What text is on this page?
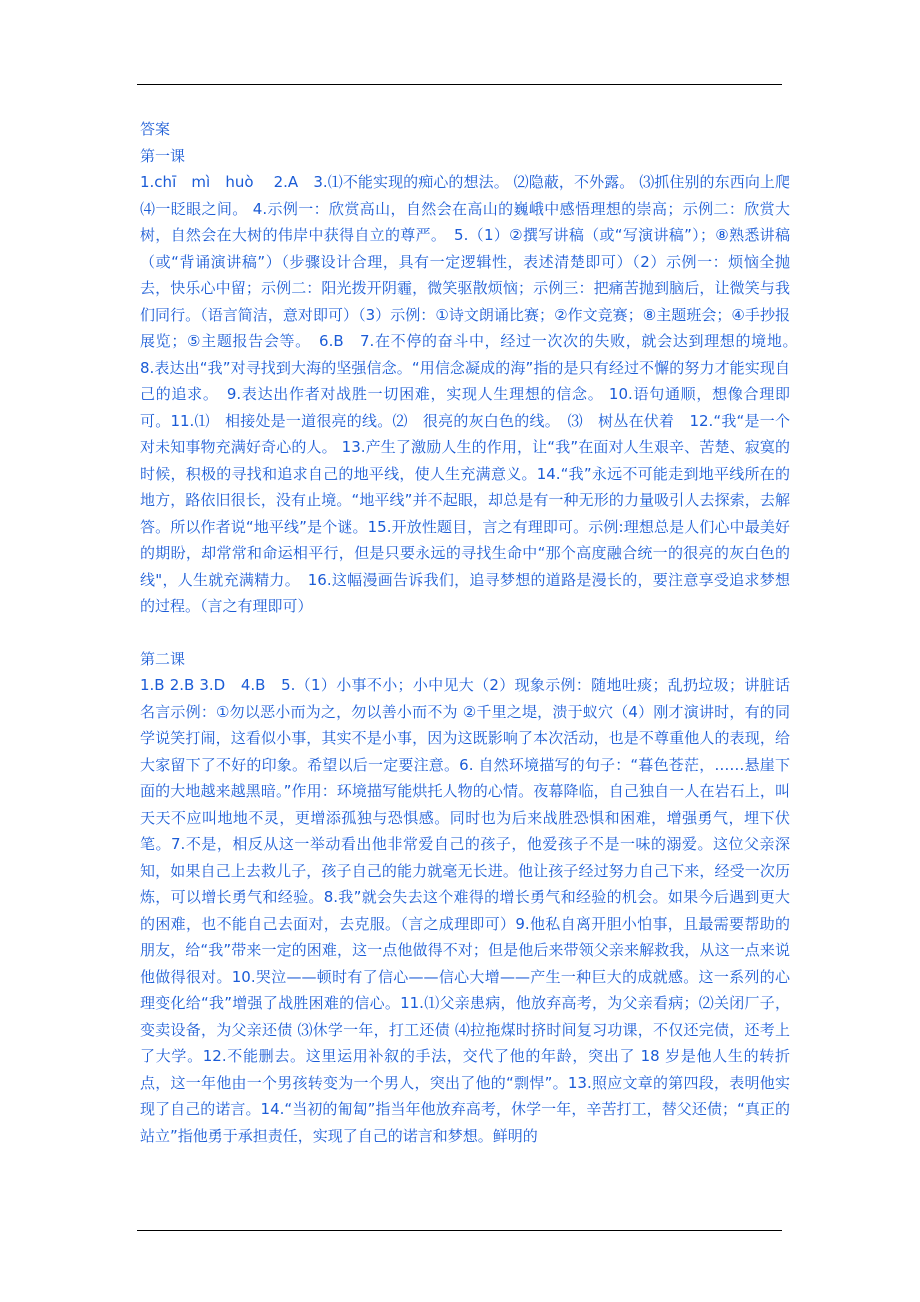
答案
第一课

1.chī　mì　huò　 2.A　3.⑴不能实现的痴心的想法。 ⑵隐蔽，不外露。 ⑶抓住别的东西向上爬 ⑷一眨眼之间。 4.示例一：欣赏高山，自然会在高山的巍峨中感悟理想的崇高；示例二：欣赏大树，自然会在大树的伟岸中获得自立的尊严。　5.（1）②撰写讲稿（或“写演讲稿”）；⑧熟悉讲稿（或“背诵演讲稿”）（步骤设计合理，具有一定逻辑性，表述清楚即可）（2）示例一：烦恼全抛去，快乐心中留；示例二：阳光拨开阴霾，微笑驱散烦恼；示例三：把痛苦抛到脑后，让微笑与我们同行。（语言简洁，意对即可）（3）示例：①诗文朗诵比赛；②作文竞赛；⑧主题班会；④手抄报展览；⑤主题报告会等。　6.B　7.在不停的奋斗中，经过一次次的失败，就会达到理想的境地。　8.表达出“我”对寻找到大海的坚强信念。“用信念凝成的海”指的是只有经过不懈的努力才能实现自己的追求。　9.表达出作者对战胜一切困难，实现人生理想的信念。 10.语句通顺，想像合理即可。11.⑴　相接处是一道很亮的线。⑵　很亮的灰白色的线。　⑶　树丛在伏着　12.“我“是一个对未知事物充满好奇心的人。 13.产生了激励人生的作用，让“我”在面对人生艰辛、苦楚、寂寞的时候，积极的寻找和追求自己的地平线，使人生充满意义。14.“我”永远不可能走到地平线所在的地方，路依旧很长，没有止境。“地平线”并不起眼，却总是有一种无形的力量吸引人去探索，去解答。所以作者说“地平线”是个谜。15.开放性题目，言之有理即可。示例:理想总是人们心中最美好的期盼，却常常和命运相平行，但是只要永远的寻找生命中“那个高度融合统一的很亮的灰白色的线"，人生就充满精力。　16.这幅漫画告诉我们，追寻梦想的道路是漫长的，要注意享受追求梦想的过程。（言之有理即可）

第二课

1.B 2.B 3.D　4.B　5.（1）小事不小；小中见大（2）现象示例：随地吐痰；乱扔垃圾；讲脏话　名言示例：①勿以恶小而为之，勿以善小而不为 ②千里之堤，溃于蚁穴（4）刚才演讲时，有的同学说笑打闹，这看似小事，其实不是小事，因为这既影响了本次活动，也是不尊重他人的表现，给大家留下了不好的印象。希望以后一定要注意。6. 自然环境描写的句子：“暮色苍茫，……悬崖下面的大地越来越黑暗。”作用：环境描写能烘托人物的心情。夜幕降临，自己独自一人在岩石上，叫天天不应叫地地不灵，更增添孤独与恐惧感。同时也为后来战胜恐惧和困难，增强勇气，埋下伏笔。7.不是，相反从这一举动看出他非常爱自己的孩子，他爱孩子不是一味的溺爱。这位父亲深知，如果自己上去救儿子，孩子自己的能力就毫无长进。他让孩子经过努力自己下来，经受一次历炼，可以增长勇气和经验。8.我”就会失去这个难得的增长勇气和经验的机会。如果今后遇到更大的困难，也不能自己去面对，去克服。（言之成理即可）9.他私自离开胆小怕事，且最需要帮助的朋友，给“我”带来一定的困难，这一点他做得不对；但是他后来带领父亲来解救我，从这一点来说他做得很对。10.哭泣——顿时有了信心——信心大增——产生一种巨大的成就感。这一系列的心理变化给“我”增强了战胜困难的信心。11.⑴父亲患病，他放弃高考，为父亲看病；⑵关闭厂子，变卖设备，为父亲还债 ⑶休学一年，打工还债 ⑷拉拖煤时挤时间复习功课，不仅还完债，还考上了大学。12.不能删去。这里运用补叙的手法，交代了他的年龄，突出了 18 岁是他人生的转折点，这一年他由一个男孩转变为一个男人，突出了他的“剽悍”。13.照应文章的第四段，表明他实现了自己的诺言。14.“当初的匍匐”指当年他放弃高考，休学一年，辛苦打工，替父还债；“真正的站立”指他勇于承担责任，实现了自己的诺言和梦想。鲜明的
